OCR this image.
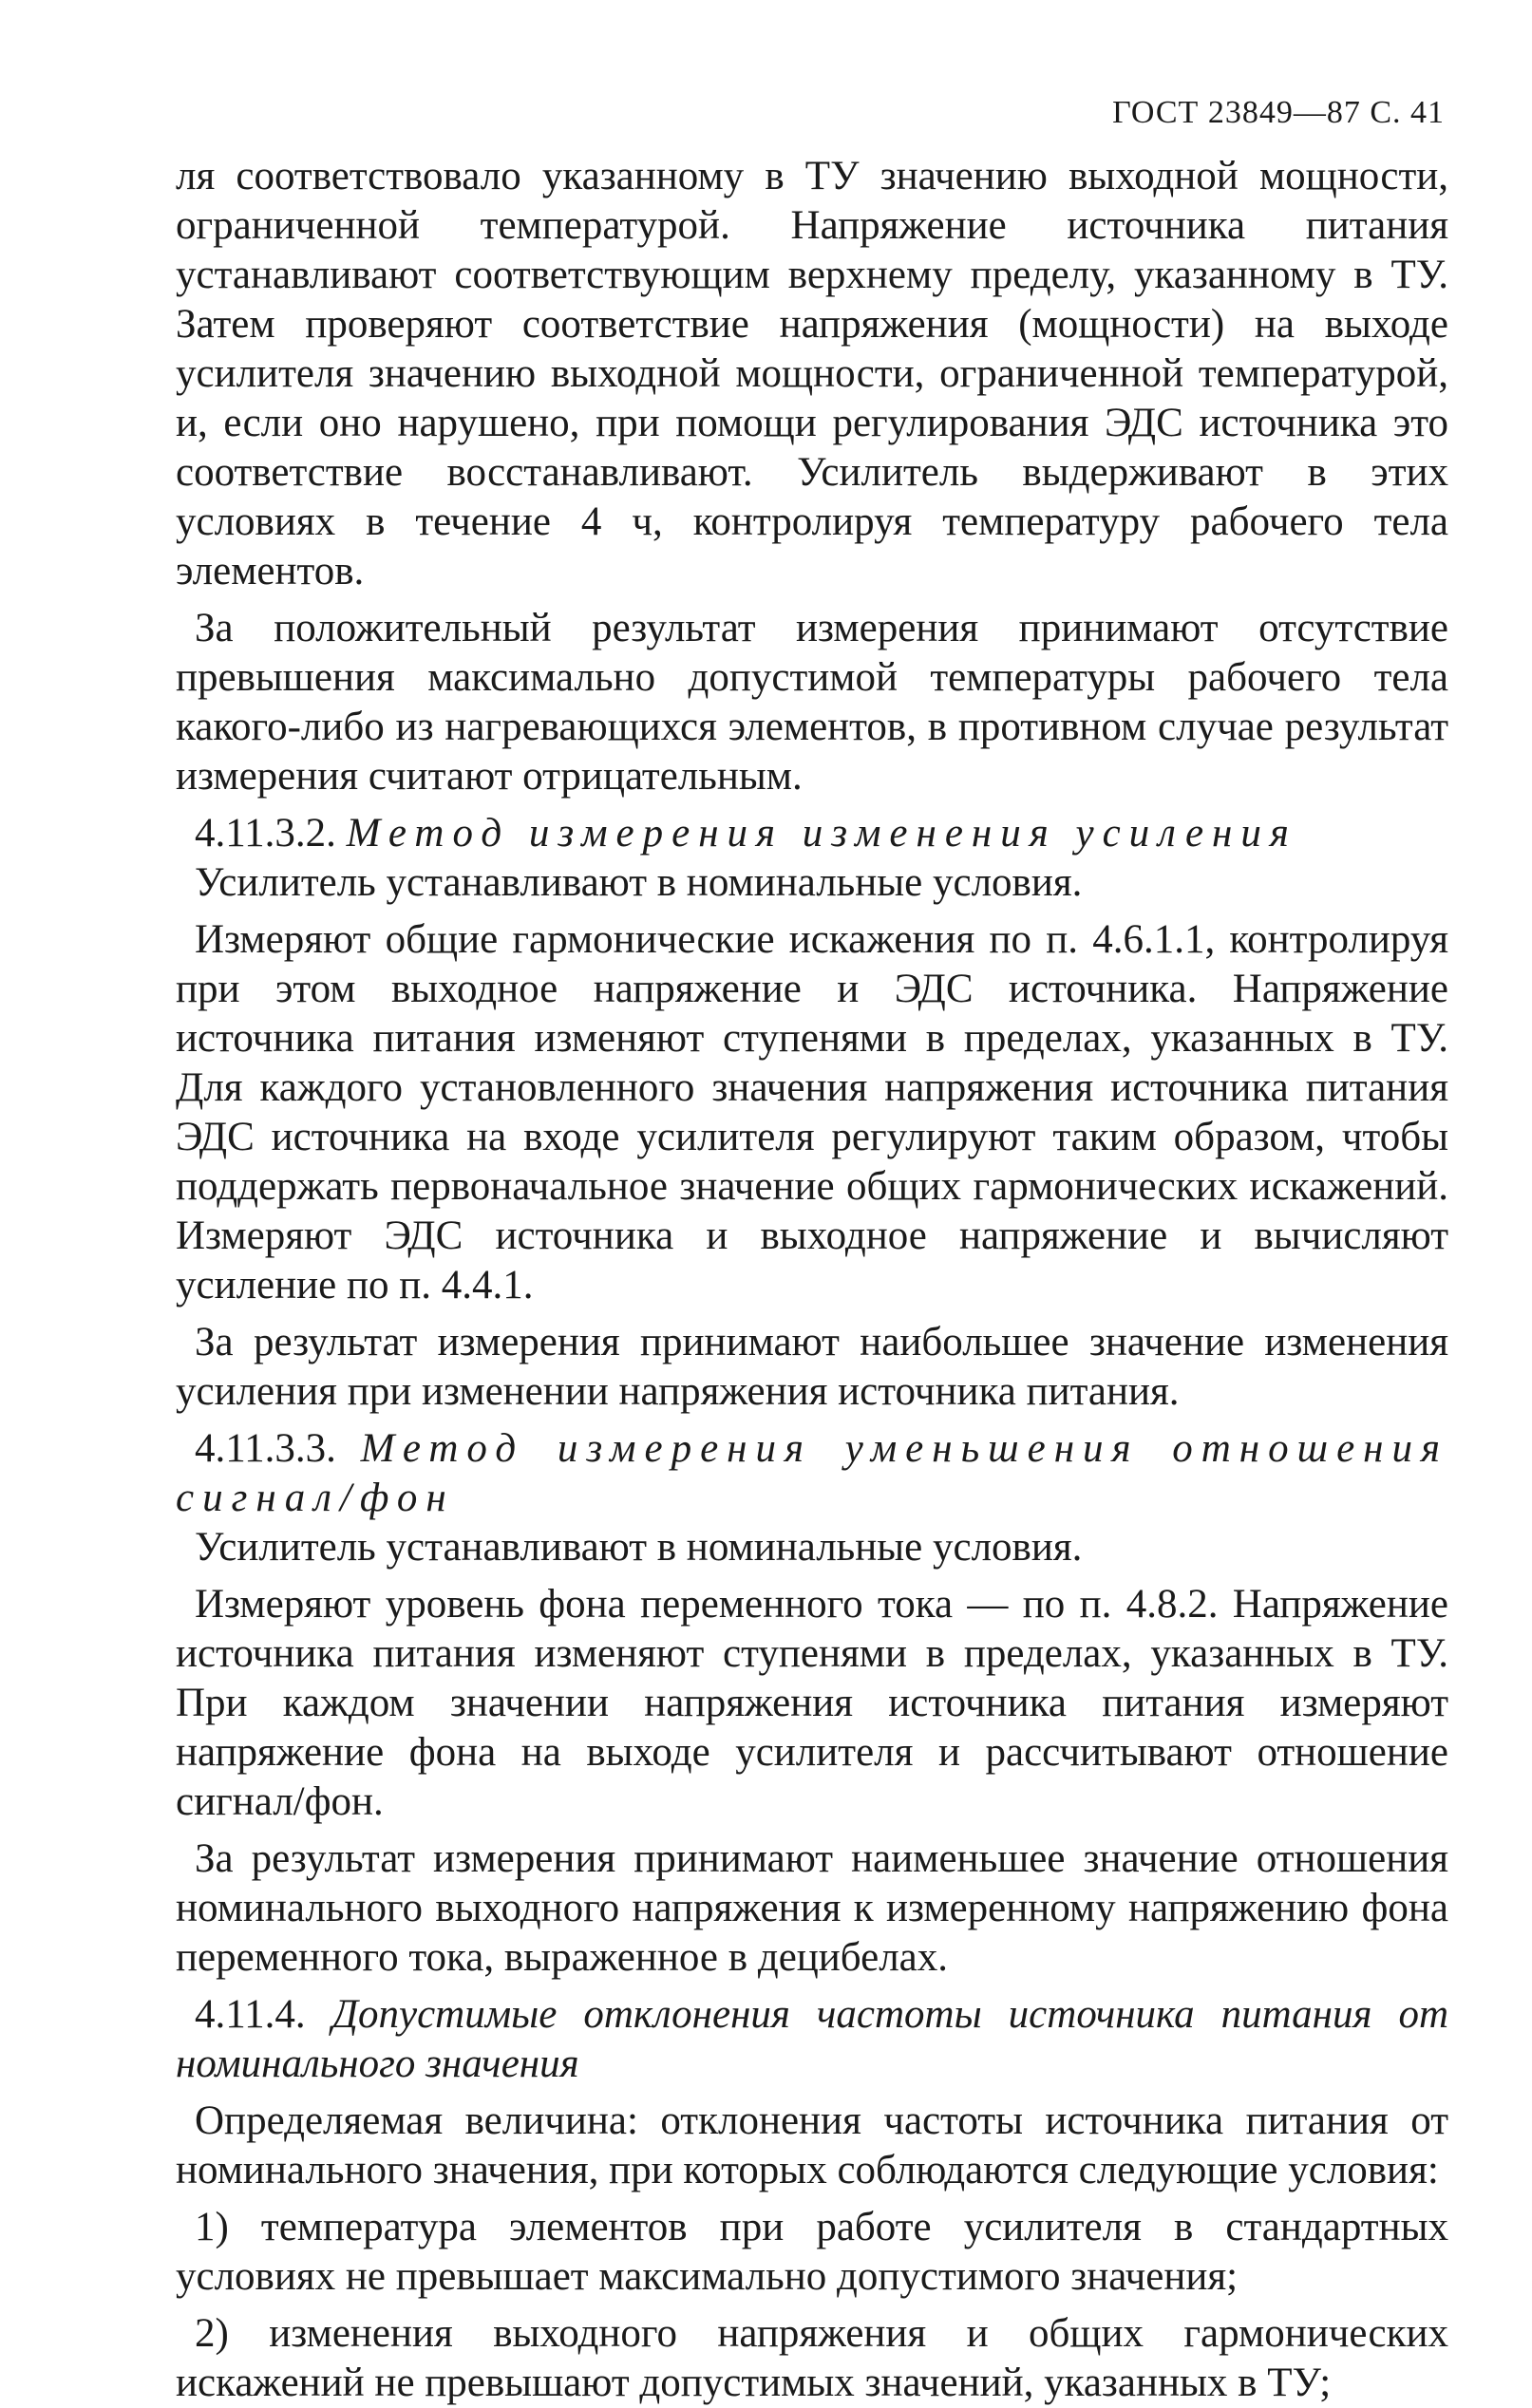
ГОСТ 23849—87 С. 41

ля соответствовало указанному в ТУ значению выходной мощности, ограниченной температурой. Напряжение источника питания устанавливают соответствующим верхнему пределу, указанному в ТУ. Затем проверяют соответствие напряжения (мощности) на выходе усилителя значению выходной мощности, ограниченной температурой, и, если оно нарушено, при помощи регулирования ЭДС источника это соответствие восстанавливают. Усилитель выдерживают в этих условиях в течение 4 ч, контролируя температуру рабочего тела элементов.

За положительный результат измерения принимают отсутствие превышения максимально допустимой температуры рабочего тела какого-либо из нагревающихся элементов, в противном случае результат измерения считают отрицательным.

4.11.3.2. Метод измерения изменения усиления

Усилитель устанавливают в номинальные условия.

Измеряют общие гармонические искажения по п. 4.6.1.1, контролируя при этом выходное напряжение и ЭДС источника. Напряжение источника питания изменяют ступенями в пределах, указанных в ТУ. Для каждого установленного значения напряжения источника питания ЭДС источника на входе усилителя регулируют таким образом, чтобы поддержать первоначальное значение общих гармонических искажений. Измеряют ЭДС источника и выходное напряжение и вычисляют усиление по п. 4.4.1.

За результат измерения принимают наибольшее значение изменения усиления при изменении напряжения источника питания.

4.11.3.3. Метод измерения уменьшения отношения сигнал/фон

Усилитель устанавливают в номинальные условия.

Измеряют уровень фона переменного тока — по п. 4.8.2. Напряжение источника питания изменяют ступенями в пределах, указанных в ТУ. При каждом значении напряжения источника питания измеряют напряжение фона на выходе усилителя и рассчитывают отношение сигнал/фон.

За результат измерения принимают наименьшее значение отношения номинального выходного напряжения к измеренному напряжению фона переменного тока, выраженное в децибелах.

4.11.4. Допустимые отклонения частоты источника питания от номинального значения

Определяемая величина: отклонения частоты источника питания от номинального значения, при которых соблюдаются следующие условия:

1) температура элементов при работе усилителя в стандартных условиях не превышает максимально допустимого значения;

2) изменения выходного напряжения и общих гармонических искажений не превышают допустимых значений, указанных в ТУ;
